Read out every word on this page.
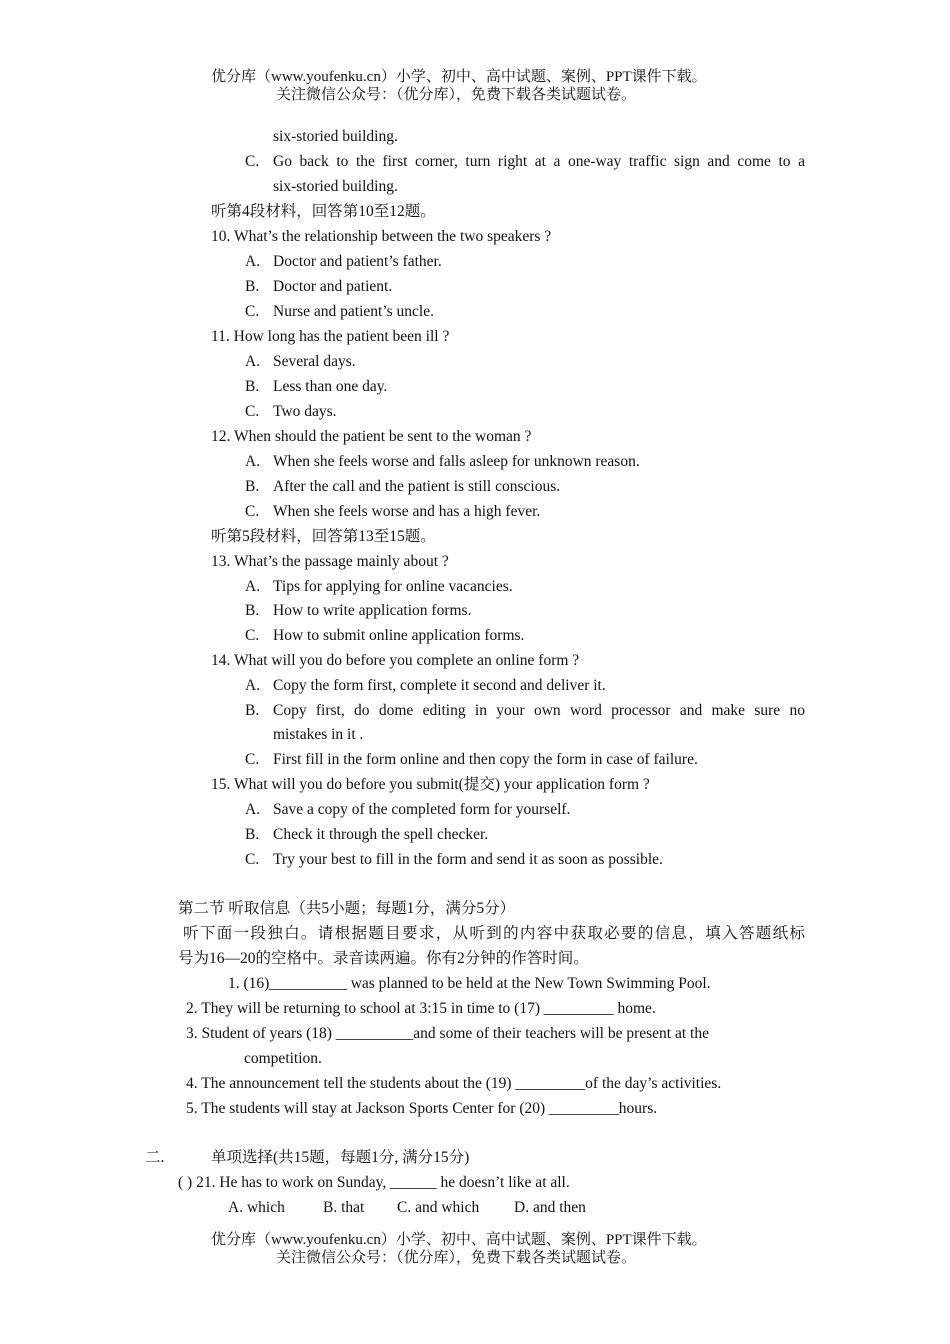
优分库（www.youfenku.cn）小学、初中、高中试题、案例、PPT课件下载。
关注微信公众号：（优分库），免费下载各类试题试卷。
six-storied building.
C. Go back to the first corner, turn right at a one-way traffic sign and come to a
six-storied building.
听第4段材料，回答第10至12题。
10. What’s the relationship between the two speakers ?
A. Doctor and patient’s father.
B. Doctor and patient.
C. Nurse and patient’s uncle.
11. How long has the patient been ill ?
A. Several days.
B. Less than one day.
C. Two days.
12. When should the patient be sent to the woman ?
A. When she feels worse and falls asleep for unknown reason.
B. After the call and the patient is still conscious.
C. When she feels worse and has a high fever.
听第5段材料，回答第13至15题。
13. What’s the passage mainly about ?
A. Tips for applying for online vacancies.
B. How to write application forms.
C. How to submit online application forms.
14. What will you do before you complete an online form ?
A. Copy the form first, complete it second and deliver it.
B. Copy first, do dome editing in your own word processor and make sure no
mistakes in it .
C. First fill in the form online and then copy the form in case of failure.
15. What will you do before you submit(提交) your application form ?
A. Save a copy of the completed form for yourself.
B. Check it through the spell checker.
C. Try your best to fill in the form and send it as soon as possible.
第二节 听取信息（共5小题；每题1分，满分5分）
听下面一段独白。请根据题目要求，从听到的内容中获取必要的信息，填入答题纸标
号为16—20的空格中。录音读两遍。你有2分钟的作答时间。
1. (16)__________ was planned to be held at the New Town Swimming Pool.
2. They will be returning to school at 3:15 in time to (17) _________ home.
3. Student of years (18) __________and some of their teachers will be present at the
competition.
4. The announcement tell the students about the (19) _________of the day’s activities.
5. The students will stay at Jackson Sports Center for (20) _________hours.
二.	单项选择(共15题，每题1分, 满分15分)
( ) 21. He has to work on Sunday, ______ he doesn’t like at all.
A. which B. that C. and which D. and then
优分库（www.youfenku.cn）小学、初中、高中试题、案例、PPT课件下载。
关注微信公众号：（优分库），免费下载各类试题试卷。
